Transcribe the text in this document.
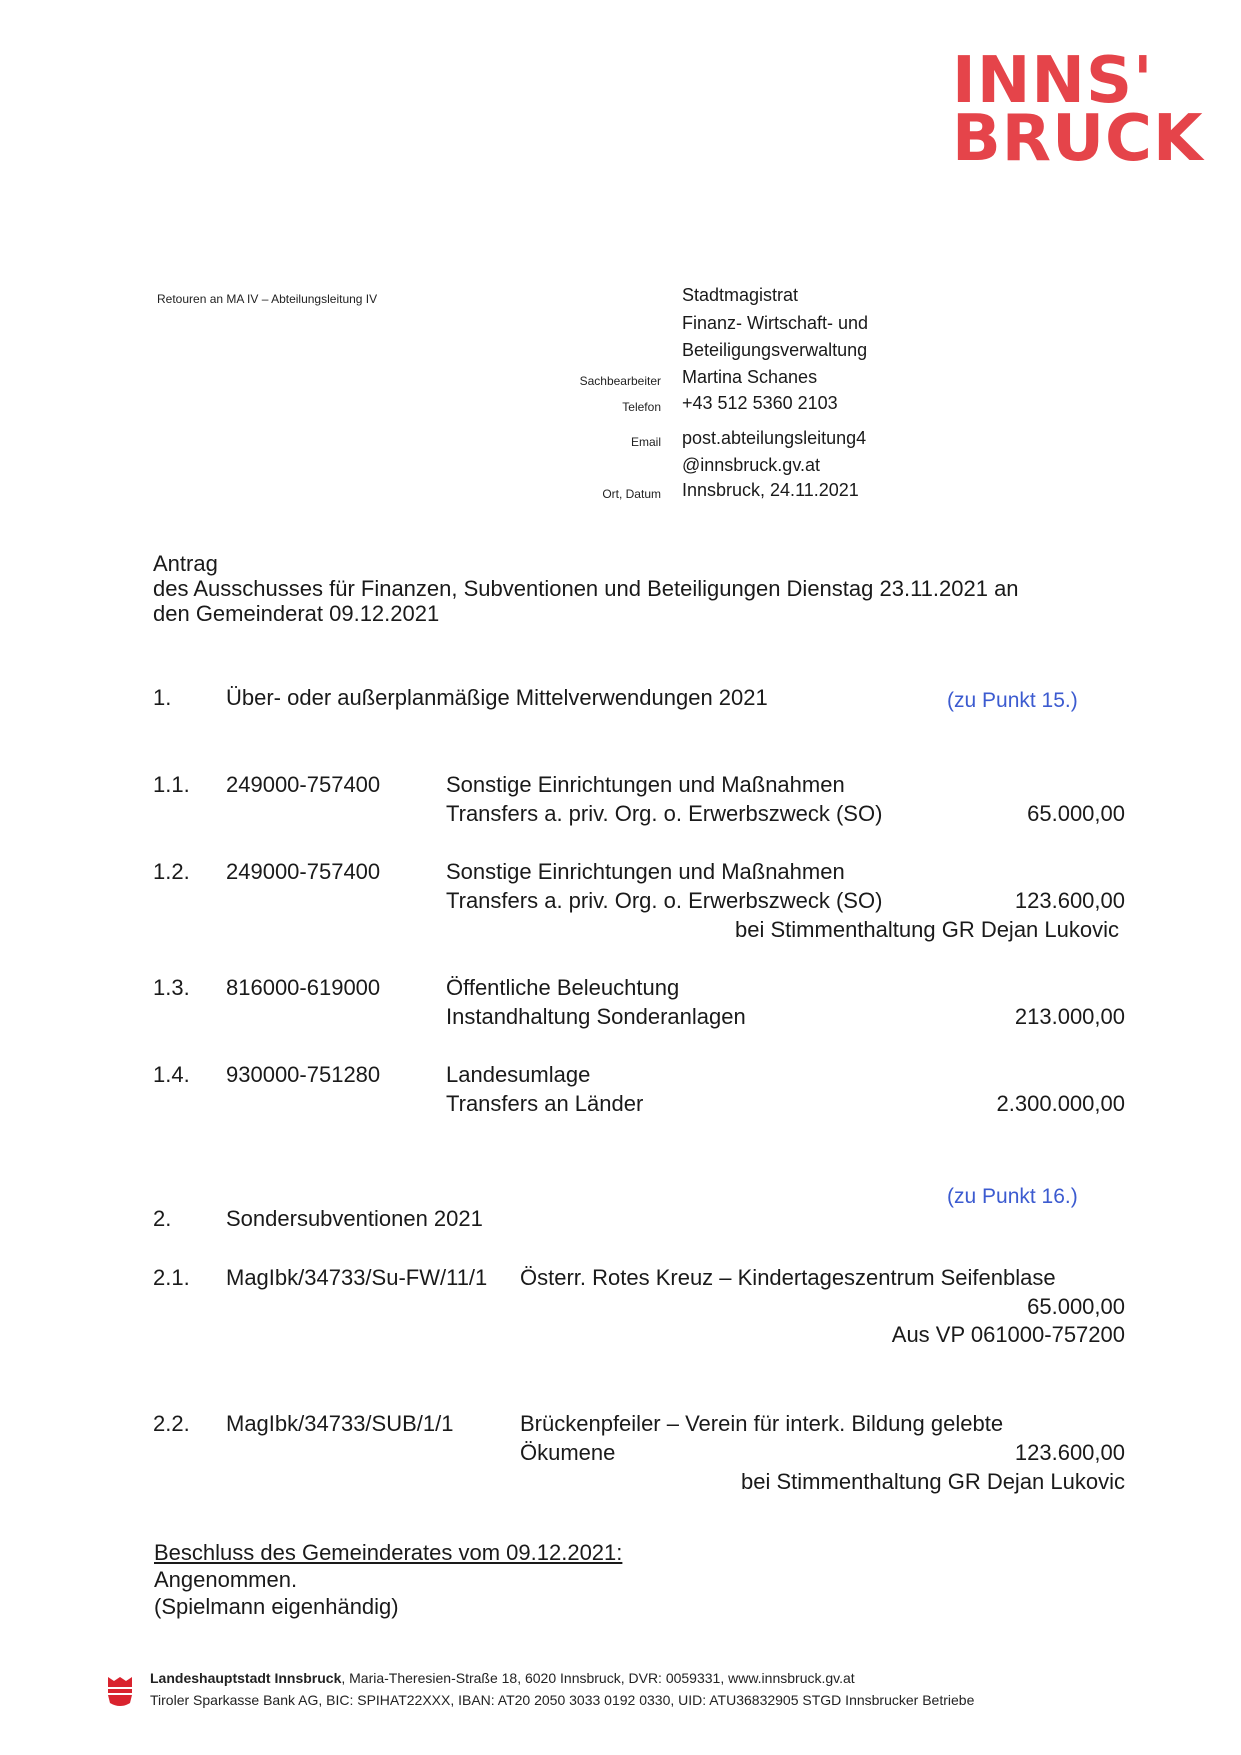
INNS'
BRUCK
Retouren an MA IV – Abteilungsleitung IV	Stadtmagistrat
Finanz- Wirtschaft- und
Beteiligungsverwaltung
Sachbearbeiter Martina Schanes
Telefon +43 512 5360 2103
Email post.abteilungsleitung4
@innsbruck.gv.at
Ort, Datum Innsbruck, 24.11.2021
Antrag
des Ausschusses für Finanzen, Subventionen und Beteiligungen Dienstag 23.11.2021 an
den Gemeinderat 09.12.2021
1. Über- oder außerplanmäßige Mittelverwendungen 2021	(zu Punkt 15.)
1.1. 249000-757400	Sonstige Einrichtungen und Maßnahmen
Transfers a. priv. Org. o. Erwerbszweck (SO)	65.000,00
1.2. 249000-757400	Sonstige Einrichtungen und Maßnahmen
Transfers a. priv. Org. o. Erwerbszweck (SO)	123.600,00
bei Stimmenthaltung GR Dejan Lukovic
1.3. 816000-619000	Öffentliche Beleuchtung
Instandhaltung Sonderanlagen	213.000,00
1.4. 930000-751280	Landesumlage
Transfers an Länder	2.300.000,00
(zu Punkt 16.)
2. Sondersubventionen 2021
2.1. MagIbk/34733/Su-FW/11/1 Österr. Rotes Kreuz – Kindertageszentrum Seifenblase
65.000,00
Aus VP 061000-757200
2.2. MagIbk/34733/SUB/1/1	Brückenpfeiler – Verein für interk. Bildung gelebte
Ökumene	123.600,00
bei Stimmenthaltung GR Dejan Lukovic
Beschluss des Gemeinderates vom 09.12.2021:
Angenommen.
(Spielmann eigenhändig)
Landeshauptstadt Innsbruck, Maria-Theresien-Straße 18, 6020 Innsbruck, DVR: 0059331, www.innsbruck.gv.at
Tiroler Sparkasse Bank AG, BIC: SPIHAT22XXX, IBAN: AT20 2050 3033 0192 0330, UID: ATU36832905 STGD Innsbrucker Betriebe
